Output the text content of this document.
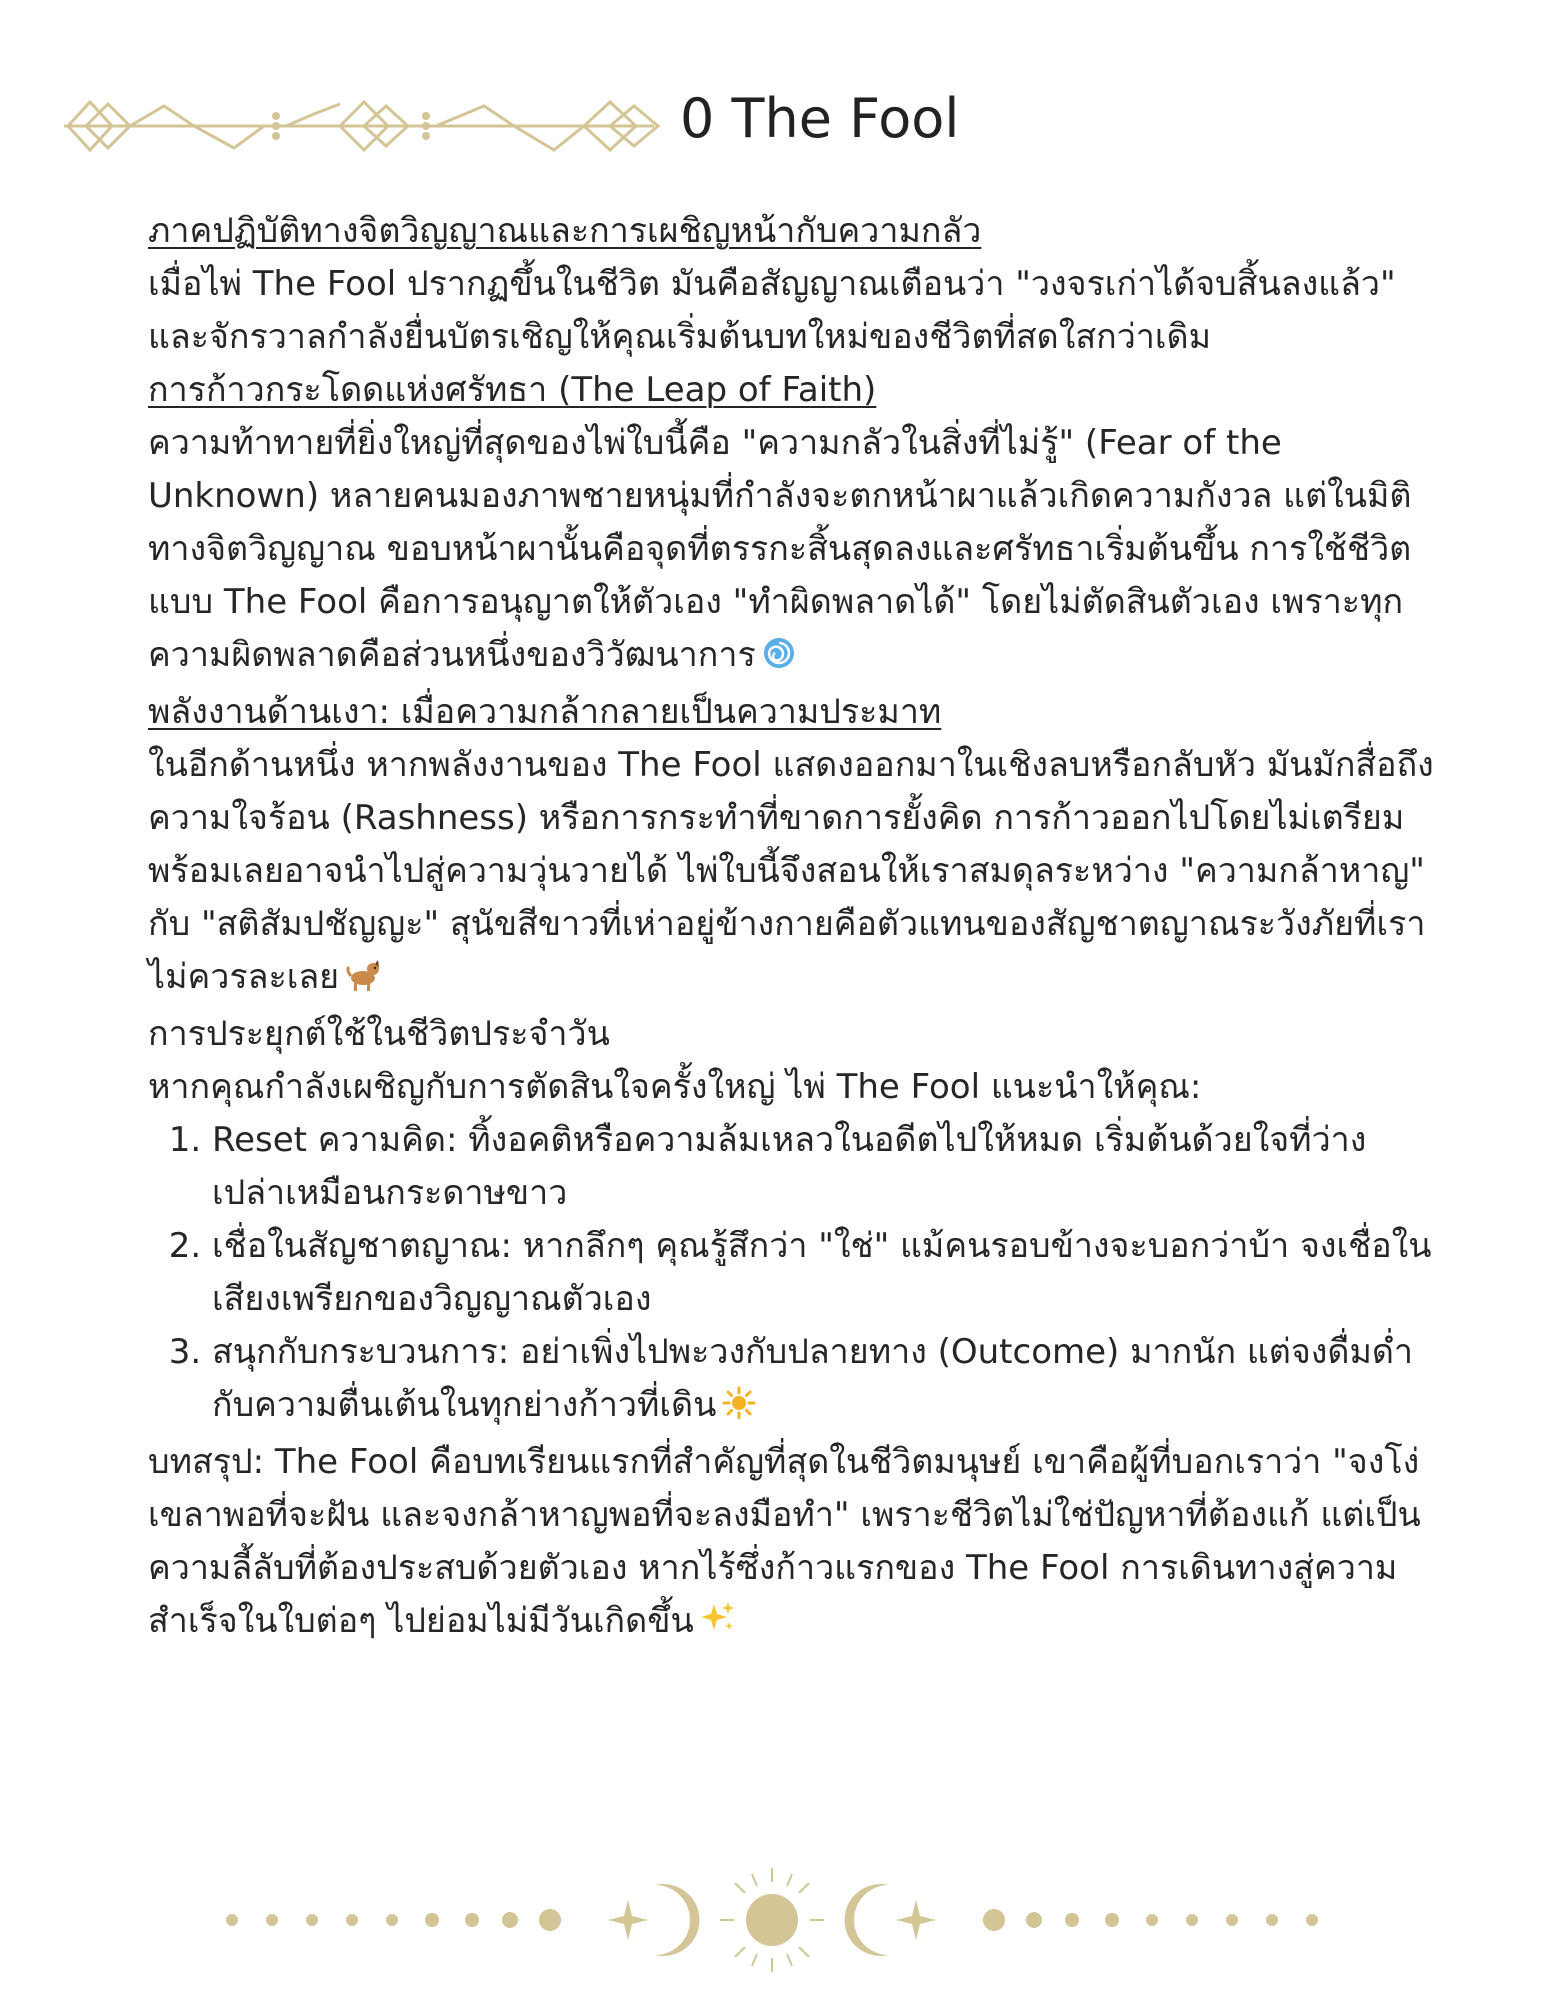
0 The Fool

ภาคปฏิบัติทางจิตวิญญาณและการเผชิญหน้ากับความกลัว

เมื่อไพ่ The Fool ปรากฏขึ้นในชีวิต มันคือสัญญาณเตือนว่า "วงจรเก่าได้จบสิ้นลงแล้ว" และจักรวาลกำลังยื่นบัตรเชิญให้คุณเริ่มต้นบทใหม่ของชีวิตที่สดใสกว่าเดิม

การก้าวกระโดดแห่งศรัทธา (The Leap of Faith)

ความท้าทายที่ยิ่งใหญ่ที่สุดของไพ่ใบนี้คือ "ความกลัวในสิ่งที่ไม่รู้" (Fear of the Unknown) หลายคนมองภาพชายหนุ่มที่กำลังจะตกหน้าผาแล้วเกิดความกังวล แต่ในมิติทางจิตวิญญาณ ขอบหน้าผานั้นคือจุดที่ตรรกะสิ้นสุดลงและศรัทธาเริ่มต้นขึ้น การใช้ชีวิตแบบ The Fool คือการอนุญาตให้ตัวเอง "ทำผิดพลาดได้" โดยไม่ตัดสินตัวเอง เพราะทุกความผิดพลาดคือส่วนหนึ่งของวิวัฒนาการ

พลังงานด้านเงา: เมื่อความกล้ากลายเป็นความประมาท

ในอีกด้านหนึ่ง หากพลังงานของ The Fool แสดงออกมาในเชิงลบหรือกลับหัว มันมักสื่อถึงความใจร้อน (Rashness) หรือการกระทำที่ขาดการยั้งคิด การก้าวออกไปโดยไม่เตรียมพร้อมเลยอาจนำไปสู่ความวุ่นวายได้ ไพ่ใบนี้จึงสอนให้เราสมดุลระหว่าง "ความกล้าหาญ" กับ "สติสัมปชัญญะ" สุนัขสีขาวที่เห่าอยู่ข้างกายคือตัวแทนของสัญชาตญาณระวังภัยที่เราไม่ควรละเลย

การประยุกต์ใช้ในชีวิตประจำวัน

หากคุณกำลังเผชิญกับการตัดสินใจครั้งใหญ่ ไพ่ The Fool แนะนำให้คุณ:

1. Reset ความคิด: ทิ้งอคติหรือความล้มเหลวในอดีตไปให้หมด เริ่มต้นด้วยใจที่ว่างเปล่าเหมือนกระดาษขาว
2. เชื่อในสัญชาตญาณ: หากลึกๆ คุณรู้สึกว่า "ใช่" แม้คนรอบข้างจะบอกว่าบ้า จงเชื่อในเสียงเพรียกของวิญญาณตัวเอง
3. สนุกกับกระบวนการ: อย่าเพิ่งไปพะวงกับปลายทาง (Outcome) มากนัก แต่จงดื่มด่ำกับความตื่นเต้นในทุกย่างก้าวที่เดิน

บทสรุป: The Fool คือบทเรียนแรกที่สำคัญที่สุดในชีวิตมนุษย์ เขาคือผู้ที่บอกเราว่า "จงโง่เขลาพอที่จะฝัน และจงกล้าหาญพอที่จะลงมือทำ" เพราะชีวิตไม่ใช่ปัญหาที่ต้องแก้ แต่เป็นความลี้ลับที่ต้องประสบด้วยตัวเอง หากไร้ซึ่งก้าวแรกของ The Fool การเดินทางสู่ความสำเร็จในใบต่อๆ ไปย่อมไม่มีวันเกิดขึ้น
